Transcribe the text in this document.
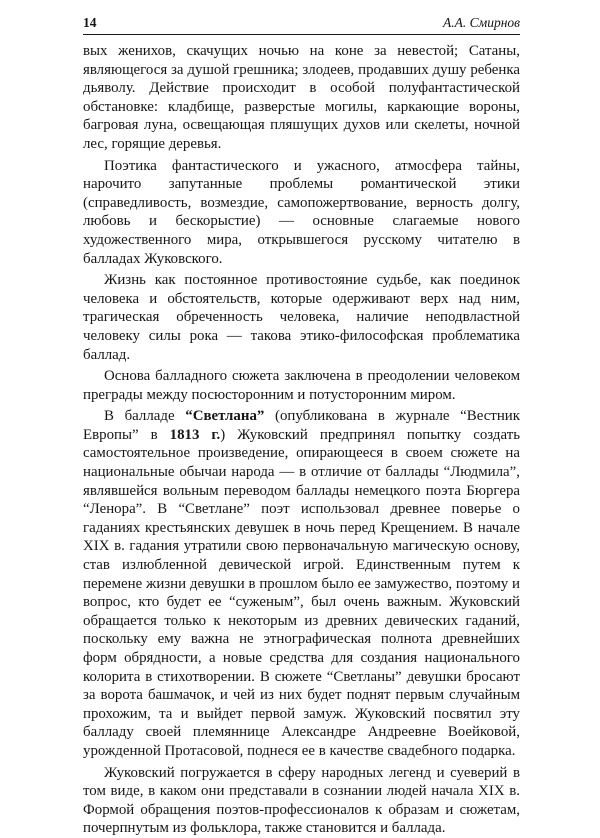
14	А.А. Смирнов

вых женихов, скачущих ночью на коне за невестой; Сатаны, являющегося за душой грешника; злодеев, продавших душу ребенка дьяволу. Действие происходит в особой полуфантастической обстановке: кладбище, разверстые могилы, каркающие вороны, багровая луна, освещающая пляшущих духов или скелеты, ночной лес, горящие деревья.

Поэтика фантастического и ужасного, атмосфера тайны, нарочито запутанные проблемы романтической этики (справедливость, возмездие, самопожертвование, верность долгу, любовь и бескорыстие) — основные слагаемые нового художественного мира, открывшегося русскому читателю в балладах Жуковского.

Жизнь как постоянное противостояние судьбе, как поединок человека и обстоятельств, которые одерживают верх над ним, трагическая обреченность человека, наличие неподвластной человеку силы рока — такова этико-философская проблематика баллад.

Основа балладного сюжета заключена в преодолении человеком преграды между посюсторонним и потусторонним миром.

В балладе “Светлана” (опубликована в журнале “Вестник Европы” в 1813 г.) Жуковский предпринял попытку создать самостоятельное произведение, опирающееся в своем сюжете на национальные обычаи народа — в отличие от баллады “Людмила”, являвшейся вольным переводом баллады немецкого поэта Бюргера “Ленора”. В “Светлане” поэт использовал древнее поверье о гаданиях крестьянских девушек в ночь перед Крещением. В начале XIX в. гадания утратили свою первоначальную магическую основу, став излюбленной девической игрой. Единственным путем к перемене жизни девушки в прошлом было ее замужество, поэтому и вопрос, кто будет ее “суженым”, был очень важным. Жуковский обращается только к некоторым из древних девических гаданий, поскольку ему важна не этнографическая полнота древнейших форм обрядности, а новые средства для создания национального колорита в стихотворении. В сюжете “Светланы” девушки бросают за ворота башмачок, и чей из них будет поднят первым случайным прохожим, та и выйдет первой замуж. Жуковский посвятил эту балладу своей племяннице Александре Андреевне Воейковой, урожденной Протасовой, поднеся ее в качестве свадебного подарка.

Жуковский погружается в сферу народных легенд и суеверий в том виде, в каком они представали в сознании людей начала XIX в. Формой обращения поэтов-профессионалов к образам и сюжетам, почерпнутым из фольклора, также становится и баллада.
